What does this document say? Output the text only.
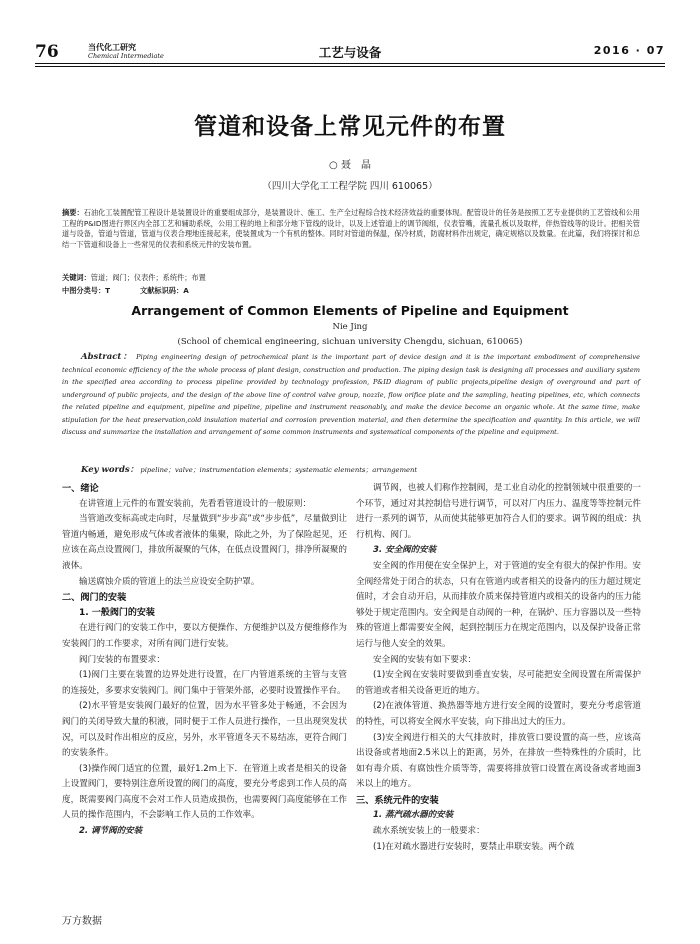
76	当代化工研究
Chemical Intermediate	工艺与设备	2016 · 07
管道和设备上常见元件的布置
○ 聂　晶
（四川大学化工工程学院 四川 610065）
摘要：石油化工装置配管工程设计是装置设计的重要组成部分，是装置设计、施工、生产全过程综合技术经济效益的重要体现。配管设计的任务是按照工艺专业提供的工艺管线和公用工程的P&ID图进行界区内全部工艺和辅助系统，公用工程的地上和部分地下管线的设计，以及上述管道上的调节阀组，仪表管嘴，流量孔板以及取样，伴热管线等的设计。把相关管道与设备，管道与管道，管道与仪表合理地连接起来，使装置成为一个有机的整体。同时对管道的保温，保冷材质，防腐材料作出规定，确定规格以及数量。在此篇，我们将探讨和总结一下管道和设备上一些常见的仪表和系统元件的安装布置。
关键词：管道；阀门；仪表件；系统件；布置
中图分类号：T	文献标识码：A
Arrangement of Common Elements of Pipeline and Equipment
Nie Jing
(School of chemical engineering, sichuan university Chengdu, sichuan, 610065)
Abstract： Piping engineering design of petrochemical plant is the important part of device design and it is the important embodiment of comprehensive technical economic efficiency of the the whole process of plant design, construction and production. The piping design task is designing all processes and auxiliary system in the specified area according to process pipeline provided by technology profession, P&ID diagram of public projects,pipeline design of overground and part of underground of public projects, and the design of the above line of control valve group, nozzle, flow orifice plate and the sampling, heating pipelines, etc, which connects the related pipeline and equipment, pipeline and pipeline, pipeline and instrument reasonably, and make the device become an organic whole. At the same time, make stipulation for the heat preservation,cold insulation material and corrosion prevention material, and then determine the specification and quantity. In this article, we will discuss and summarize the installation and arrangement of some common instruments and systematical components of the pipeline and equipment.
Key words： pipeline；valve；instrumentation elements；systematic elements；arrangement
一、绪论

在讲管道上元件的布置安装前，先看看管道设计的一般原则：

当管道改变标高或走向时，尽量做到“步步高”或“步步低”，尽量做到让管道内畅通，避免形成气体或者液体的集聚，除此之外，为了保险起见，还应该在高点设置阀门，排放所凝聚的气体，在低点设置阀门，排净所凝聚的液体。

输送腐蚀介质的管道上的法兰应设安全防护罩。

二、阀门的安装
1. 一般阀门的安装

在进行阀门的安装工作中，要以方便操作、方便维护以及方便维修作为安装阀门的工作要求，对所有阀门进行安装。

阀门安装的布置要求：

(1)阀门主要在装置的边界处进行设置，在厂内管道系统的主管与支管的连接处，多要求安装阀门。阀门集中于管架外部，必要时设置操作平台。

(2)水平管是安装阀门最好的位置，因为水平管多处于畅通，不会因为阀门的关闭导致大量的积液，同时便于工作人员进行操作，一旦出现突发状况，可以及时作出相应的反应，另外，水平管道冬天不易结冻，更符合阀门的安装条件。

(3)操作阀门适宜的位置，最好1.2m上下．在管道上或者是相关的设备上设置阀门，要特别注意所设置的阀门的高度，要充分考虑到工作人员的高度，既需要阀门高度不会对工作人员造成损伤，也需要阀门高度能够在工作人员的操作范围内，不会影响工作人员的工作效率。

2. 调节阀的安装

调节阀，也被人们称作控制阀，是工业自动化的控制领域中很重要的一个环节，通过对其控制信号进行调节，可以对厂内压力、温度等等控制元件进行一系列的调节，从而使其能够更加符合人们的要求。调节阀的组成：执行机构、阀门。

3. 安全阀的安装

安全阀的作用便在安全保护上，对于管道的安全有很大的保护作用。安全阀经常处于闭合的状态，只有在管道内或者相关的设备内的压力超过规定值时，才会自动开启，从而排放介质来保持管道内或相关的设备内的压力能够处于规定范围内。安全阀是自动阀的一种，在锅炉、压力容器以及一些特殊的管道上都需要安全阀，起到控制压力在规定范围内，以及保护设备正常运行与他人安全的效果。

安全阀的安装有如下要求：

(1)安全阀在安装时要做到垂直安装，尽可能把安全阀设置在所需保护的管道或者相关设备更近的地方。

(2)在液体管道、换热器等地方进行安全阀的设置时，要充分考虑管道的特性，可以将安全阀水平安装，向下排出过大的压力。

(3)安全阀进行相关的大气排放时，排放管口要设置的高一些，应该高出设备或者地面2.5米以上的距离，另外，在排放一些特殊性的介质时，比如有毒介质、有腐蚀性介质等等，需要将排放管口设置在离设备或者地面3米以上的地方。

三、系统元件的安装
1. 蒸汽疏水器的安装

疏水系统安装上的一般要求：

(1)在对疏水器进行安装时，要禁止串联安装。两个疏

万方数据
